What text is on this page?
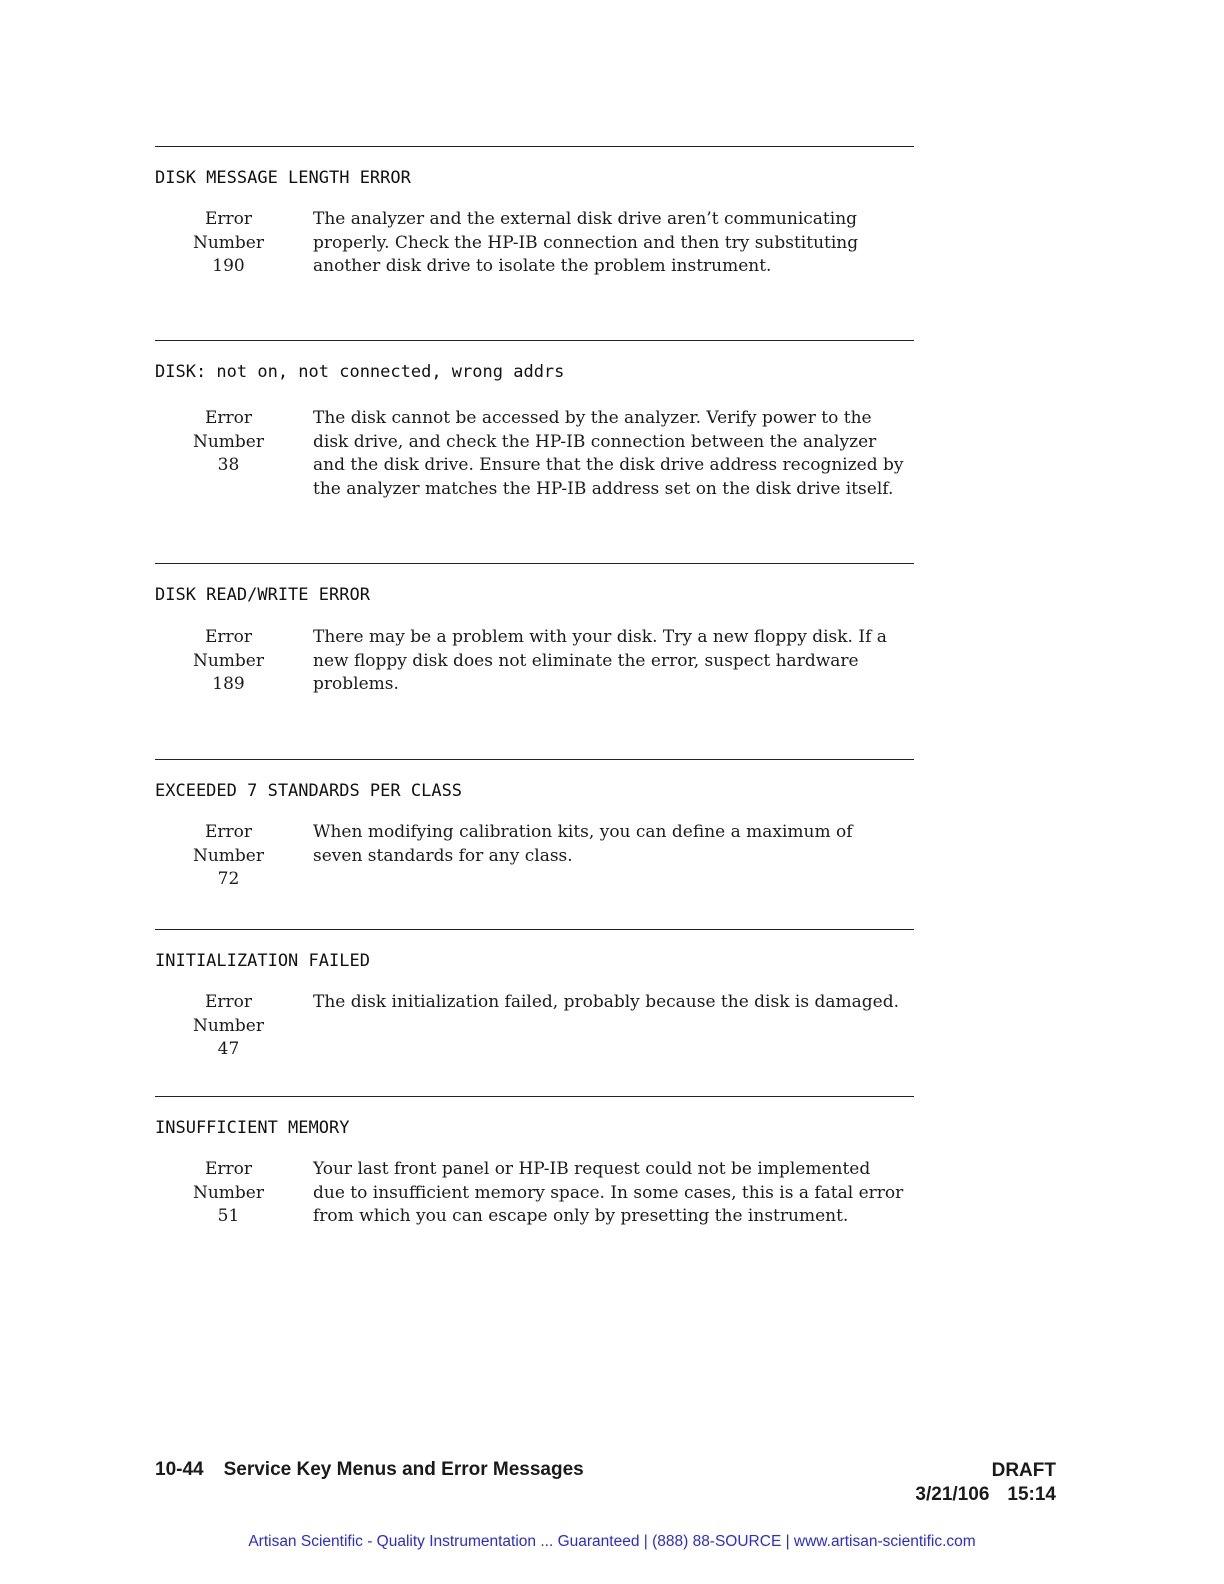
DISK MESSAGE LENGTH ERROR
Error Number
190
The analyzer and the external disk drive aren’t communicating
properly. Check the HP-IB connection and then try substituting
another disk drive to isolate the problem instrument.
DISK: not on, not connected, wrong addrs
Error Number
38
The disk cannot be accessed by the analyzer. Verify power to the
disk drive, and check the HP-IB connection between the analyzer
and the disk drive. Ensure that the disk drive address recognized by
the analyzer matches the HP-IB address set on the disk drive itself.
DISK READ/WRITE ERROR
Error Number
189
There may be a problem with your disk. Try a new floppy disk. If a
new floppy disk does not eliminate the error, suspect hardware
problems.
EXCEEDED 7 STANDARDS PER CLASS
Error Number
72
When modifying calibration kits, you can define a maximum of
seven standards for any class.
INITIALIZATION FAILED
Error Number
47
The disk initialization failed, probably because the disk is damaged.
INSUFFICIENT MEMORY
Error Number
51
Your last front panel or HP-IB request could not be implemented
due to insufficient memory space. In some cases, this is a fatal error
from which you can escape only by presetting the instrument.
10-44 Service Key Menus and Error Messages	DRAFT
3/21/106 15:14
Artisan Scientific - Quality Instrumentation ... Guaranteed | (888) 88-SOURCE | www.artisan-scientific.com
